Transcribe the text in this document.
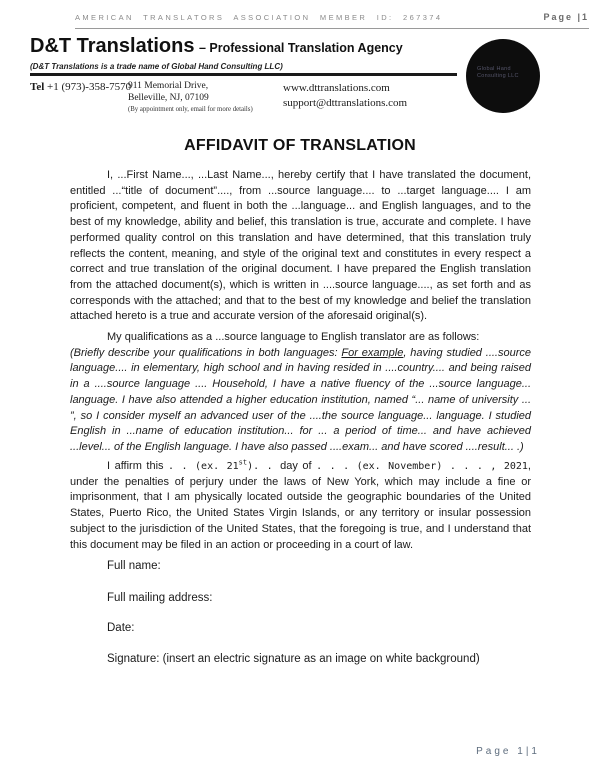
AMERICAN TRANSLATORS ASSOCIATION MEMBER ID: 267374	Page |1
D&T Translations – Professional Translation Agency
(D&T Translations is a trade name of Global Hand Consulting LLC)
Tel +1 (973)-358-7570
911 Memorial Drive,
Belleville, NJ, 07109
(By appointment only, email for more details)
www.dttranslations.com
support@dttranslations.com
Global Hand
Consulting LLC
AFFIDAVIT OF TRANSLATION

I, ...First Name..., ...Last Name..., hereby certify that I have translated the document, entitled ...“title of document”...., from ...source language.... to ...target language.... I am proficient, competent, and fluent in both the ...language... and English languages, and to the best of my knowledge, ability and belief, this translation is true, accurate and complete. I have performed quality control on this translation and have determined, that this translation truly reflects the content, meaning, and style of the original text and constitutes in every respect a correct and true translation of the original document. I have prepared the English translation from the attached document(s), which is written in ....source language...., as set forth and as corresponds with the attached; and that to the best of my knowledge and belief the translation attached hereto is a true and accurate version of the aforesaid original(s).

My qualifications as a ...source language to English translator are as follows:
(Briefly describe your qualifications in both languages: For example, having studied ....source language.... in elementary, high school and in having resided in ....country.... and being raised in a ....source language .... Household, I have a native fluency of the ...source language... language. I have also attended a higher education institution, named “... name of university ... ”, so I consider myself an advanced user of the ....the source language... language. I studied English in ...name of education institution... for ... a period of time... and have achieved ...level... of the English language. I have also passed ....exam... and have scored ....result... .)

I affirm this . . (ex. 21st). . day of . . . (ex. November) . . . , 2021, under the penalties of perjury under the laws of New York, which may include a fine or imprisonment, that I am physically located outside the geographic boundaries of the United States, Puerto Rico, the United States Virgin Islands, or any territory or insular possession subject to the jurisdiction of the United States, that the foregoing is true, and I understand that this document may be filed in an action or proceeding in a court of law.

Full name:
Full mailing address:
Date:
Signature: (insert an electric signature as an image on white background)
Page 1|1
